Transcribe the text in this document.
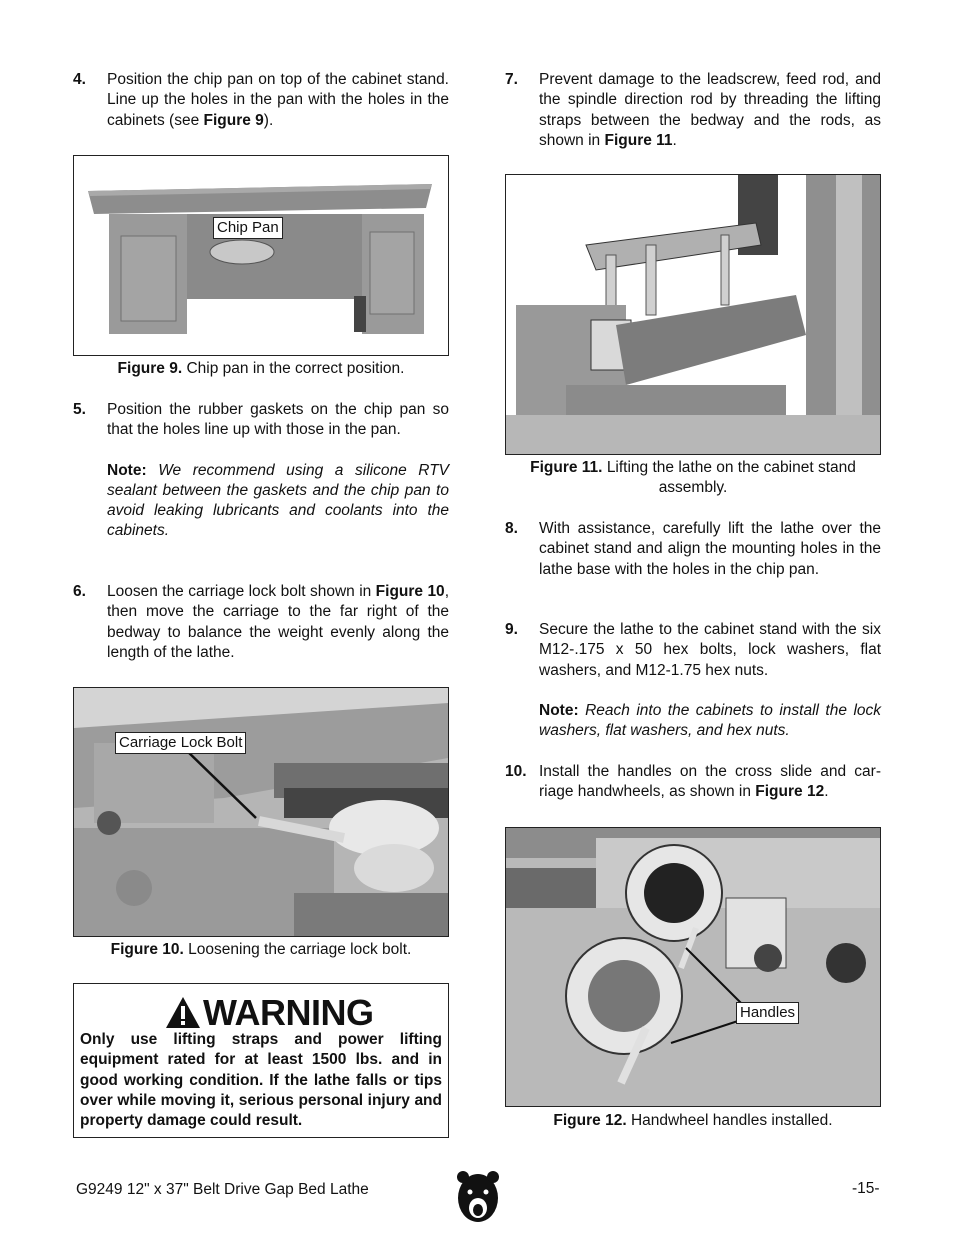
4. Position the chip pan on top of the cabinet stand. Line up the holes in the pan with the holes in the cabinets (see Figure 9).
Chip Pan
Figure 9. Chip pan in the correct position.
5. Position the rubber gaskets on the chip pan so that the holes line up with those in the pan.
Note: We recommend using a silicone RTV sealant between the gaskets and the chip pan to avoid leaking lubricants and coolants into the cabinets.
6. Loosen the carriage lock bolt shown in Figure 10, then move the carriage to the far right of the bedway to balance the weight evenly along the length of the lathe.
Carriage Lock Bolt
Figure 10. Loosening the carriage lock bolt.
WARNING
Only use lifting straps and power lifting equipment rated for at least 1500 lbs. and in good working condition. If the lathe falls or tips over while moving it, serious personal injury and property damage could result.
7. Prevent damage to the leadscrew, feed rod, and the spindle direction rod by threading the lifting straps between the bedway and the rods, as shown in Figure 11.
Figure 11. Lifting the lathe on the cabinet stand assembly.
8. With assistance, carefully lift the lathe over the cabinet stand and align the mounting holes in the lathe base with the holes in the chip pan.
9. Secure the lathe to the cabinet stand with the six M12-.175 x 50 hex bolts, lock washers, flat washers, and M12-1.75 hex nuts.
Note: Reach into the cabinets to install the lock washers, flat washers, and hex nuts.
10. Install the handles on the cross slide and car-riage handwheels, as shown in Figure 12.
Handles
Figure 12. Handwheel handles installed.
G9249 12" x 37" Belt Drive Gap Bed Lathe	-15-
